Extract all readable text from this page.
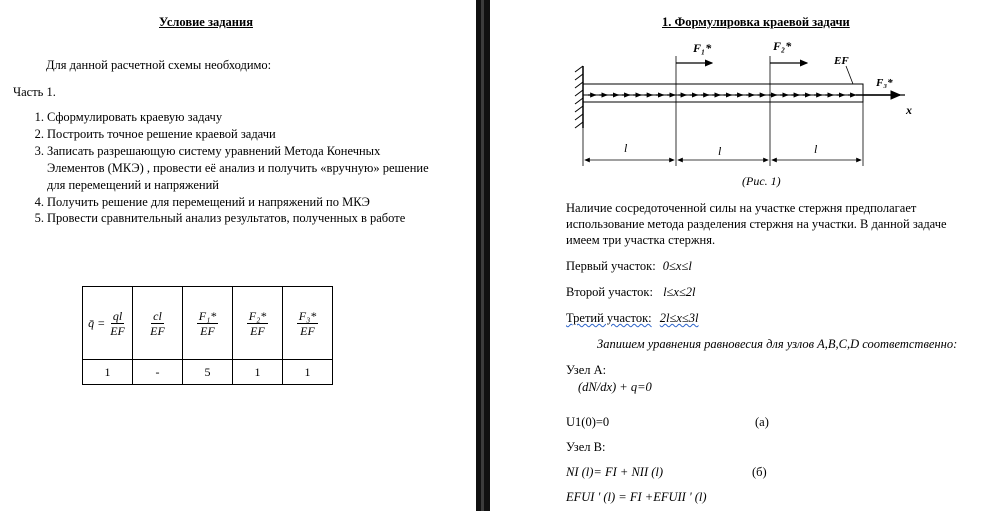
Условие задания
Для данной расчетной схемы необходимо:
Часть 1.
1. Сформулировать краевую задачу
2. Построить точное решение краевой задачи
3. Записать разрешающую систему уравнений Метода Конечных
Элементов (МКЭ) , провести её анализ и получить «вручную» решение
для перемещений и напряжений
4. Получить решение для перемещений и напряжений по МКЭ
5. Провести сравнительный анализ результатов, полученных в работе
q̄ = $\frac{ql}{EF}$	$\frac{cl}{EF}$	$\frac{\text{F₁*}}{EF}$	$\frac{\text{F₂*}}{EF}$	$\frac{\text{F₃*}}{EF}$

1	-	5	1	1
1. Формулировка краевой задачи
x
F₁*	F₂*
EF
F₃*
l	l	l
(Рис. 1)
Наличие сосредоточенной силы на участке стержня предполагает
использование метода разделения стержня на участки. В данной задаче
имеем три участка стержня.
Первый участок: 0≤x≤l
Второй участок: l≤x≤2l
Третий участок: 2l≤x≤3l
Запишем уравнения равновесия для узлов A,B,C,D соответственно:
Узел А:
(dN/dx) + q=0
U1(0)=0	(а)
Узел B:
NI (l)= FI + NII (l)	(б)
EFUI ' (l) = FI +EFUII ' (l)
